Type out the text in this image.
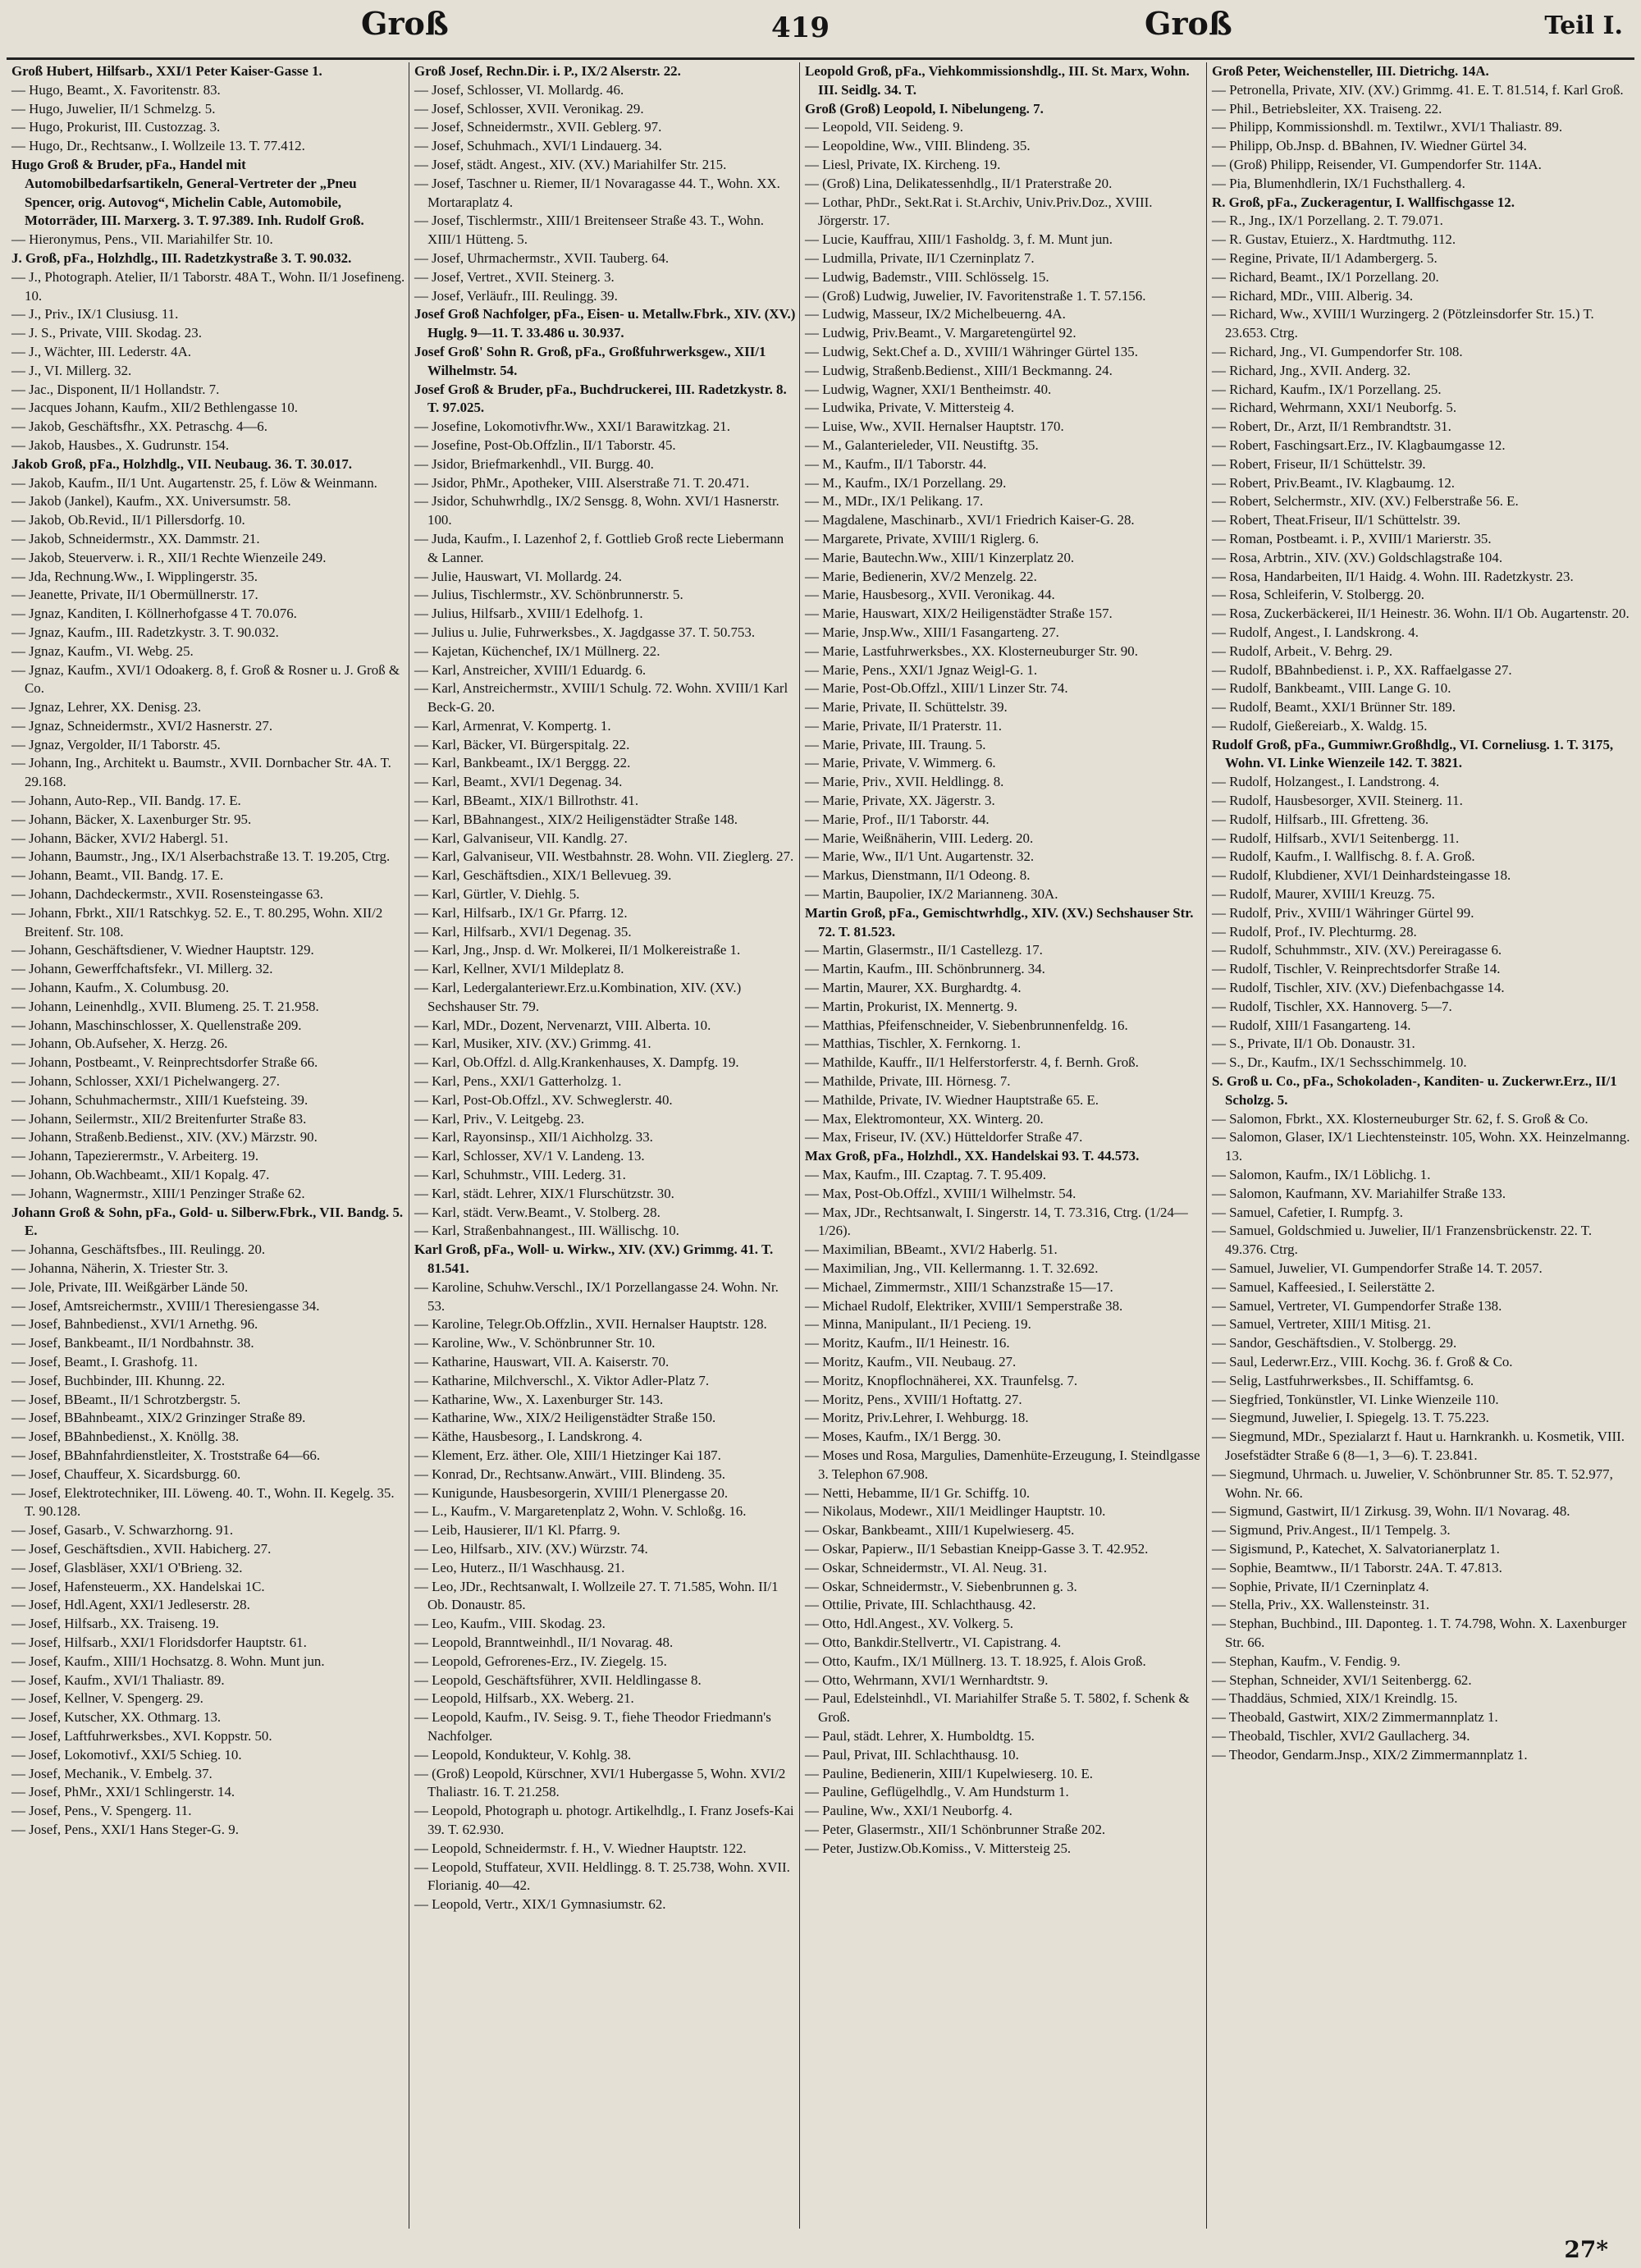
Groß	419	Groß	Teil I.
Groß Hubert, Hilfsarb., XXI/1 Peter Kaiser-Gasse 1.
— Hugo, Beamt., X. Favoritenstr. 83.
— Hugo, Juwelier, II/1 Schmelzg. 5.
— Hugo, Prokurist, III. Custozzag. 3.
— Hugo, Dr., Rechtsanw., I. Wollzeile 13. T. 77.412.
Hugo Groß & Bruder, pFa., Handel mit Automobilbedarfsartikeln, General-Vertreter der „Pneu Spencer, orig. Autovog“, Michelin Cable, Automobile, Motorräder, III. Marxerg. 3. T. 97.389. Inh. Rudolf Groß.
— Hieronymus, Pens., VII. Mariahilfer Str. 10.
J. Groß, pFa., Holzhdlg., III. Radetzkystraße 3. T. 90.032.
— J., Photograph. Atelier, II/1 Taborstr. 48A T., Wohn. II/1 Josefineng. 10.
— J., Priv., IX/1 Clusiusg. 11.
— J. S., Private, VIII. Skodag. 23.
— J., Wächter, III. Lederstr. 4A.
— J., VI. Millerg. 32.
— Jac., Disponent, II/1 Hollandstr. 7.
— Jacques Johann, Kaufm., XII/2 Bethlengasse 10.
— Jakob, Geschäftsfhr., XX. Petraschg. 4—6.
— Jakob, Hausbes., X. Gudrunstr. 154.
Jakob Groß, pFa., Holzhdlg., VII. Neubaug. 36. T. 30.017.
— Jakob, Kaufm., II/1 Unt. Augartenstr. 25, f. Löw & Weinmann.
— Jakob (Jankel), Kaufm., XX. Universumstr. 58.
— Jakob, Ob.Revid., II/1 Pillersdorfg. 10.
— Jakob, Schneidermstr., XX. Dammstr. 21.
— Jakob, Steuerverw. i. R., XII/1 Rechte Wienzeile 249.
— Jda, Rechnung.Ww., I. Wipplingerstr. 35.
— Jeanette, Private, II/1 Obermüllnerstr. 17.
— Jgnaz, Kanditen, I. Köllnerhofgasse 4 T. 70.076.
— Jgnaz, Kaufm., III. Radetzkystr. 3. T. 90.032.
— Jgnaz, Kaufm., VI. Webg. 25.
— Jgnaz, Kaufm., XVI/1 Odoakerg. 8, f. Groß & Rosner u. J. Groß & Co.
— Jgnaz, Lehrer, XX. Denisg. 23.
— Jgnaz, Schneidermstr., XVI/2 Hasnerstr. 27.
— Jgnaz, Vergolder, II/1 Taborstr. 45.
— Johann, Ing., Architekt u. Baumstr., XVII. Dornbacher Str. 4A. T. 29.168.
— Johann, Auto-Rep., VII. Bandg. 17. E.
— Johann, Bäcker, X. Laxenburger Str. 95.
— Johann, Bäcker, XVI/2 Habergl. 51.
— Johann, Baumstr., Jng., IX/1 Alserbachstraße 13. T. 19.205, Ctrg.
— Johann, Beamt., VII. Bandg. 17. E.
— Johann, Dachdeckermstr., XVII. Rosensteingasse 63.
— Johann, Fbrkt., XII/1 Ratschkyg. 52. E., T. 80.295, Wohn. XII/2 Breitenf. Str. 108.
— Johann, Geschäftsdiener, V. Wiedner Hauptstr. 129.
— Johann, Gewerffchaftsfekr., VI. Millerg. 32.
— Johann, Kaufm., X. Columbusg. 20.
— Johann, Leinenhdlg., XVII. Blumeng. 25. T. 21.958.
— Johann, Maschinschlosser, X. Quellenstraße 209.
— Johann, Ob.Aufseher, X. Herzg. 26.
— Johann, Postbeamt., V. Reinprechtsdorfer Straße 66.
— Johann, Schlosser, XXI/1 Pichelwangerg. 27.
— Johann, Schuhmachermstr., XIII/1 Kuefsteing. 39.
— Johann, Seilermstr., XII/2 Breitenfurter Straße 83.
— Johann, Straßenb.Bedienst., XIV. (XV.) Märzstr. 90.
— Johann, Tapezierermstr., V. Arbeiterg. 19.
— Johann, Ob.Wachbeamt., XII/1 Kopalg. 47.
— Johann, Wagnermstr., XIII/1 Penzinger Straße 62.
Johann Groß & Sohn, pFa., Gold- u. Silberw.Fbrk., VII. Bandg. 5. E.
— Johanna, Geschäftsfbes., III. Reulingg. 20.
— Johanna, Näherin, X. Triester Str. 3.
— Jole, Private, III. Weißgärber Lände 50.
— Josef, Amtsreichermstr., XVIII/1 Theresiengasse 34.
— Josef, Bahnbedienst., XVI/1 Arnethg. 96.
— Josef, Bankbeamt., II/1 Nordbahnstr. 38.
— Josef, Beamt., I. Grashofg. 11.
— Josef, Buchbinder, III. Khunng. 22.
— Josef, BBeamt., II/1 Schrotzbergstr. 5.
— Josef, BBahnbeamt., XIX/2 Grinzinger Straße 89.
— Josef, BBahnbedienst., X. Knöllg. 38.
— Josef, BBahnfahrdienstleiter, X. Troststraße 64—66.
— Josef, Chauffeur, X. Sicardsburgg. 60.
— Josef, Elektrotechniker, III. Löweng. 40. T., Wohn. II. Kegelg. 35. T. 90.128.
— Josef, Gasarb., V. Schwarzhorng. 91.
— Josef, Geschäftsdien., XVII. Habicherg. 27.
— Josef, Glasbläser, XXI/1 O'Brieng. 32.
— Josef, Hafensteuerm., XX. Handelskai 1C.
— Josef, Hdl.Agent, XXI/1 Jedleserstr. 28.
— Josef, Hilfsarb., XX. Traiseng. 19.
— Josef, Hilfsarb., XXI/1 Floridsdorfer Hauptstr. 61.
— Josef, Kaufm., XIII/1 Hochsatzg. 8. Wohn. Munt jun.
— Josef, Kaufm., XVI/1 Thaliastr. 89.
— Josef, Kellner, V. Spengerg. 29.
— Josef, Kutscher, XX. Othmarg. 13.
— Josef, Laftfuhrwerksbes., XVI. Koppstr. 50.
— Josef, Lokomotivf., XXI/5 Schieg. 10.
— Josef, Mechanik., V. Embelg. 37.
— Josef, PhMr., XXI/1 Schlingerstr. 14.
— Josef, Pens., V. Spengerg. 11.
— Josef, Pens., XXI/1 Hans Steger-G. 9.
Groß Josef, Rechn.Dir. i. P., IX/2 Alserstr. 22.
— Josef, Schlosser, VI. Mollardg. 46.
— Josef, Schlosser, XVII. Veronikag. 29.
— Josef, Schneidermstr., XVII. Geblerg. 97.
— Josef, Schuhmach., XVI/1 Lindauerg. 34.
— Josef, städt. Angest., XIV. (XV.) Mariahilfer Str. 215.
— Josef, Taschner u. Riemer, II/1 Novaragasse 44. T., Wohn. XX. Mortaraplatz 4.
— Josef, Tischlermstr., XIII/1 Breitenseer Straße 43. T., Wohn. XIII/1 Hütteng. 5.
— Josef, Uhrmachermstr., XVII. Tauberg. 64.
— Josef, Vertret., XVII. Steinerg. 3.
— Josef, Verläufr., III. Reulingg. 39.
Josef Groß Nachfolger, pFa., Eisen- u. Metallw.Fbrk., XIV. (XV.) Huglg. 9—11. T. 33.486 u. 30.937.
Josef Groß' Sohn R. Groß, pFa., Großfuhrwerksgew., XII/1 Wilhelmstr. 54.
Josef Groß & Bruder, pFa., Buchdruckerei, III. Radetzkystr. 8. T. 97.025.
— Josefine, Lokomotivfhr.Ww., XXI/1 Barawitzkag. 21.
— Josefine, Post-Ob.Offzlin., II/1 Taborstr. 45.
— Jsidor, Briefmarkenhdl., VII. Burgg. 40.
— Jsidor, PhMr., Apotheker, VIII. Alserstraße 71. T. 20.471.
— Jsidor, Schuhwrhdlg., IX/2 Sensgg. 8, Wohn. XVI/1 Hasnerstr. 100.
— Juda, Kaufm., I. Lazenhof 2, f. Gottlieb Groß recte Liebermann & Lanner.
— Julie, Hauswart, VI. Mollardg. 24.
— Julius, Tischlermstr., XV. Schönbrunnerstr. 5.
— Julius, Hilfsarb., XVIII/1 Edelhofg. 1.
— Julius u. Julie, Fuhrwerksbes., X. Jagdgasse 37. T. 50.753.
— Kajetan, Küchenchef, IX/1 Müllnerg. 22.
— Karl, Anstreicher, XVIII/1 Eduardg. 6.
— Karl, Anstreichermstr., XVIII/1 Schulg. 72. Wohn. XVIII/1 Karl Beck-G. 20.
— Karl, Armenrat, V. Kompertg. 1.
— Karl, Bäcker, VI. Bürgerspitalg. 22.
— Karl, Bankbeamt., IX/1 Berggg. 22.
— Karl, Beamt., XVI/1 Degenag. 34.
— Karl, BBeamt., XIX/1 Billrothstr. 41.
— Karl, BBahnangest., XIX/2 Heiligenstädter Straße 148.
— Karl, Galvaniseur, VII. Kandlg. 27.
— Karl, Galvaniseur, VII. Westbahnstr. 28. Wohn. VII. Zieglerg. 27.
— Karl, Geschäftsdien., XIX/1 Bellevueg. 39.
— Karl, Gürtler, V. Diehlg. 5.
— Karl, Hilfsarb., IX/1 Gr. Pfarrg. 12.
— Karl, Hilfsarb., XVI/1 Degenag. 35.
— Karl, Jng., Jnsp. d. Wr. Molkerei, II/1 Molkereistraße 1.
— Karl, Kellner, XVI/1 Mildeplatz 8.
— Karl, Ledergalanteriewr.Erz.u.Kombination, XIV. (XV.) Sechshauser Str. 79.
— Karl, MDr., Dozent, Nervenarzt, VIII. Alberta. 10.
— Karl, Musiker, XIV. (XV.) Grimmg. 41.
— Karl, Ob.Offzl. d. Allg.Krankenhauses, X. Dampfg. 19.
— Karl, Pens., XXI/1 Gatterholzg. 1.
— Karl, Post-Ob.Offzl., XV. Schweglerstr. 40.
— Karl, Priv., V. Leitgebg. 23.
— Karl, Rayonsinsp., XII/1 Aichholzg. 33.
— Karl, Schlosser, XV/1 V. Landeng. 13.
— Karl, Schuhmstr., VIII. Lederg. 31.
— Karl, städt. Lehrer, XIX/1 Flurschützstr. 30.
— Karl, städt. Verw.Beamt., V. Stolberg. 28.
— Karl, Straßenbahnangest., III. Wällischg. 10.
Karl Groß, pFa., Woll- u. Wirkw., XIV. (XV.) Grimmg. 41. T. 81.541.
— Karoline, Schuhw.Verschl., IX/1 Porzellangasse 24. Wohn. Nr. 53.
— Karoline, Telegr.Ob.Offzlin., XVII. Hernalser Hauptstr. 128.
— Karoline, Ww., V. Schönbrunner Str. 10.
— Katharine, Hauswart, VII. A. Kaiserstr. 70.
— Katharine, Milchverschl., X. Viktor Adler-Platz 7.
— Katharine, Ww., X. Laxenburger Str. 143.
— Katharine, Ww., XIX/2 Heiligenstädter Straße 150.
— Käthe, Hausbesorg., I. Landskrong. 4.
— Klement, Erz. äther. Ole, XIII/1 Hietzinger Kai 187.
— Konrad, Dr., Rechtsanw.Anwärt., VIII. Blindeng. 35.
— Kunigunde, Hausbesorgerin, XVIII/1 Plenergasse 20.
— L., Kaufm., V. Margaretenplatz 2, Wohn. V. Schloßg. 16.
— Leib, Hausierer, II/1 Kl. Pfarrg. 9.
— Leo, Hilfsarb., XIV. (XV.) Würzstr. 74.
— Leo, Huterz., II/1 Waschhausg. 21.
— Leo, JDr., Rechtsanwalt, I. Wollzeile 27. T. 71.585, Wohn. II/1 Ob. Donaustr. 85.
— Leo, Kaufm., VIII. Skodag. 23.
— Leopold, Branntweinhdl., II/1 Novarag. 48.
— Leopold, Gefrorenes-Erz., IV. Ziegelg. 15.
— Leopold, Geschäftsführer, XVII. Heldlingasse 8.
— Leopold, Hilfsarb., XX. Weberg. 21.
— Leopold, Kaufm., IV. Seisg. 9. T., fiehe Theodor Friedmann's Nachfolger.
— Leopold, Kondukteur, V. Kohlg. 38.
— (Groß) Leopold, Kürschner, XVI/1 Hubergasse 5, Wohn. XVI/2 Thaliastr. 16. T. 21.258.
— Leopold, Photograph u. photogr. Artikelhdlg., I. Franz Josefs-Kai 39. T. 62.930.
— Leopold, Schneidermstr. f. H., V. Wiedner Hauptstr. 122.
— Leopold, Stuffateur, XVII. Heldlingg. 8. T. 25.738, Wohn. XVII. Florianig. 40—42.
— Leopold, Vertr., XIX/1 Gymnasiumstr. 62.
Leopold Groß, pFa., Viehkommissionshdlg., III. St. Marx, Wohn. III. Seidlg. 34. T.
Groß (Groß) Leopold, I. Nibelungeng. 7.
— Leopold, VII. Seideng. 9.
— Leopoldine, Ww., VIII. Blindeng. 35.
— Liesl, Private, IX. Kircheng. 19.
— (Groß) Lina, Delikatessenhdlg., II/1 Praterstraße 20.
— Lothar, PhDr., Sekt.Rat i. St.Archiv, Univ.Priv.Doz., XVIII. Jörgerstr. 17.
— Lucie, Kauffrau, XIII/1 Fasholdg. 3, f. M. Munt jun.
— Ludmilla, Private, II/1 Czerninplatz 7.
— Ludwig, Bademstr., VIII. Schlösselg. 15.
— (Groß) Ludwig, Juwelier, IV. Favoritenstraße 1. T. 57.156.
— Ludwig, Masseur, IX/2 Michelbeuerng. 4A.
— Ludwig, Priv.Beamt., V. Margaretengürtel 92.
— Ludwig, Sekt.Chef a. D., XVIII/1 Währinger Gürtel 135.
— Ludwig, Straßenb.Bedienst., XIII/1 Beckmanng. 24.
— Ludwig, Wagner, XXI/1 Bentheimstr. 40.
— Ludwika, Private, V. Mittersteig 4.
— Luise, Ww., XVII. Hernalser Hauptstr. 170.
— M., Galanterieleder, VII. Neustiftg. 35.
— M., Kaufm., II/1 Taborstr. 44.
— M., Kaufm., IX/1 Porzellang. 29.
— M., MDr., IX/1 Pelikang. 17.
— Magdalene, Maschinarb., XVI/1 Friedrich Kaiser-G. 28.
— Margarete, Private, XVIII/1 Riglerg. 6.
— Marie, Bautechn.Ww., XIII/1 Kinzerplatz 20.
— Marie, Bedienerin, XV/2 Menzelg. 22.
— Marie, Hausbesorg., XVII. Veronikag. 44.
— Marie, Hauswart, XIX/2 Heiligenstädter Straße 157.
— Marie, Jnsp.Ww., XIII/1 Fasangarteng. 27.
— Marie, Lastfuhrwerksbes., XX. Klosterneuburger Str. 90.
— Marie, Pens., XXI/1 Jgnaz Weigl-G. 1.
— Marie, Post-Ob.Offzl., XIII/1 Linzer Str. 74.
— Marie, Private, II. Schüttelstr. 39.
— Marie, Private, II/1 Praterstr. 11.
— Marie, Private, III. Traung. 5.
— Marie, Private, V. Wimmerg. 6.
— Marie, Priv., XVII. Heldlingg. 8.
— Marie, Private, XX. Jägerstr. 3.
— Marie, Prof., II/1 Taborstr. 44.
— Marie, Weißnäherin, VIII. Lederg. 20.
— Marie, Ww., II/1 Unt. Augartenstr. 32.
— Markus, Dienstmann, II/1 Odeong. 8.
— Martin, Baupolier, IX/2 Marianneng. 30A.
Martin Groß, pFa., Gemischtwrhdlg., XIV. (XV.) Sechshauser Str. 72. T. 81.523.
— Martin, Glasermstr., II/1 Castellezg. 17.
— Martin, Kaufm., III. Schönbrunnerg. 34.
— Martin, Maurer, XX. Burghardtg. 4.
— Martin, Prokurist, IX. Mennertg. 9.
— Matthias, Pfeifenschneider, V. Siebenbrunnenfeldg. 16.
— Matthias, Tischler, X. Fernkorng. 1.
— Mathilde, Kauffr., II/1 Helferstorferstr. 4, f. Bernh. Groß.
— Mathilde, Private, III. Hörnesg. 7.
— Mathilde, Private, IV. Wiedner Hauptstraße 65. E.
— Max, Elektromonteur, XX. Winterg. 20.
— Max, Friseur, IV. (XV.) Hütteldorfer Straße 47.
Max Groß, pFa., Holzhdl., XX. Handelskai 93. T. 44.573.
— Max, Kaufm., III. Czaptag. 7. T. 95.409.
— Max, Post-Ob.Offzl., XVIII/1 Wilhelmstr. 54.
— Max, JDr., Rechtsanwalt, I. Singerstr. 14, T. 73.316, Ctrg. (1/24—1/26).
— Maximilian, BBeamt., XVI/2 Haberlg. 51.
— Maximilian, Jng., VII. Kellermanng. 1. T. 32.692.
— Michael, Zimmermstr., XIII/1 Schanzstraße 15—17.
— Michael Rudolf, Elektriker, XVIII/1 Semperstraße 38.
— Minna, Manipulant., II/1 Pecieng. 19.
— Moritz, Kaufm., II/1 Heinestr. 16.
— Moritz, Kaufm., VII. Neubaug. 27.
— Moritz, Knopflochnäherei, XX. Traunfelsg. 7.
— Moritz, Pens., XVIII/1 Hoftattg. 27.
— Moritz, Priv.Lehrer, I. Wehburgg. 18.
— Moses, Kaufm., IX/1 Bergg. 30.
— Moses und Rosa, Margulies, Damenhüte-Erzeugung, I. Steindlgasse 3. Telephon 67.908.
— Netti, Hebamme, II/1 Gr. Schiffg. 10.
— Nikolaus, Modewr., XII/1 Meidlinger Hauptstr. 10.
— Oskar, Bankbeamt., XIII/1 Kupelwieserg. 45.
— Oskar, Papierw., II/1 Sebastian Kneipp-Gasse 3. T. 42.952.
— Oskar, Schneidermstr., VI. Al. Neug. 31.
— Oskar, Schneidermstr., V. Siebenbrunnen g. 3.
— Ottilie, Private, III. Schlachthausg. 42.
— Otto, Hdl.Angest., XV. Volkerg. 5.
— Otto, Bankdir.Stellvertr., VI. Capistrang. 4.
— Otto, Kaufm., IX/1 Müllnerg. 13. T. 18.925, f. Alois Groß.
— Otto, Wehrmann, XVI/1 Wernhardtstr. 9.
— Paul, Edelsteinhdl., VI. Mariahilfer Straße 5. T. 5802, f. Schenk & Groß.
— Paul, städt. Lehrer, X. Humboldtg. 15.
— Paul, Privat, III. Schlachthausg. 10.
— Pauline, Bedienerin, XIII/1 Kupelwieserg. 10. E.
— Pauline, Geflügelhdlg., V. Am Hundsturm 1.
— Pauline, Ww., XXI/1 Neuborfg. 4.
— Peter, Glasermstr., XII/1 Schönbrunner Straße 202.
— Peter, Justizw.Ob.Komiss., V. Mittersteig 25.
Groß Peter, Weichensteller, III. Dietrichg. 14A.
— Petronella, Private, XIV. (XV.) Grimmg. 41. E. T. 81.514, f. Karl Groß.
— Phil., Betriebsleiter, XX. Traiseng. 22.
— Philipp, Kommissionshdl. m. Textilwr., XVI/1 Thaliastr. 89.
— Philipp, Ob.Jnsp. d. BBahnen, IV. Wiedner Gürtel 34.
— (Groß) Philipp, Reisender, VI. Gumpendorfer Str. 114A.
— Pia, Blumenhdlerin, IX/1 Fuchsthallerg. 4.
R. Groß, pFa., Zuckeragentur, I. Wallfischgasse 12.
— R., Jng., IX/1 Porzellang. 2. T. 79.071.
— R. Gustav, Etuierz., X. Hardtmuthg. 112.
— Regine, Private, II/1 Adambergerg. 5.
— Richard, Beamt., IX/1 Porzellang. 20.
— Richard, MDr., VIII. Alberig. 34.
— Richard, Ww., XVIII/1 Wurzingerg. 2 (Pötzleinsdorfer Str. 15.) T. 23.653. Ctrg.
— Richard, Jng., VI. Gumpendorfer Str. 108.
— Richard, Jng., XVII. Anderg. 32.
— Richard, Kaufm., IX/1 Porzellang. 25.
— Richard, Wehrmann, XXI/1 Neuborfg. 5.
— Robert, Dr., Arzt, II/1 Rembrandtstr. 31.
— Robert, Faschingsart.Erz., IV. Klagbaumgasse 12.
— Robert, Friseur, II/1 Schüttelstr. 39.
— Robert, Priv.Beamt., IV. Klagbaumg. 12.
— Robert, Selchermstr., XIV. (XV.) Felberstraße 56. E.
— Robert, Theat.Friseur, II/1 Schüttelstr. 39.
— Roman, Postbeamt. i. P., XVIII/1 Marierstr. 35.
— Rosa, Arbtrin., XIV. (XV.) Goldschlagstraße 104.
— Rosa, Handarbeiten, II/1 Haidg. 4. Wohn. III. Radetzkystr. 23.
— Rosa, Schleiferin, V. Stolbergg. 20.
— Rosa, Zuckerbäckerei, II/1 Heinestr. 36. Wohn. II/1 Ob. Augartenstr. 20.
— Rudolf, Angest., I. Landskrong. 4.
— Rudolf, Arbeit., V. Behrg. 29.
— Rudolf, BBahnbedienst. i. P., XX. Raffaelgasse 27.
— Rudolf, Bankbeamt., VIII. Lange G. 10.
— Rudolf, Beamt., XXI/1 Brünner Str. 189.
— Rudolf, Gießereiarb., X. Waldg. 15.
Rudolf Groß, pFa., Gummiwr.Großhdlg., VI. Corneliusg. 1. T. 3175, Wohn. VI. Linke Wienzeile 142. T. 3821.
— Rudolf, Holzangest., I. Landstrong. 4.
— Rudolf, Hausbesorger, XVII. Steinerg. 11.
— Rudolf, Hilfsarb., III. Gfretteng. 36.
— Rudolf, Hilfsarb., XVI/1 Seitenbergg. 11.
— Rudolf, Kaufm., I. Wallfischg. 8. f. A. Groß.
— Rudolf, Klubdiener, XVI/1 Deinhardsteingasse 18.
— Rudolf, Maurer, XVIII/1 Kreuzg. 75.
— Rudolf, Priv., XVIII/1 Währinger Gürtel 99.
— Rudolf, Prof., IV. Plechturmg. 28.
— Rudolf, Schuhmmstr., XIV. (XV.) Pereiragasse 6.
— Rudolf, Tischler, V. Reinprechtsdorfer Straße 14.
— Rudolf, Tischler, XIV. (XV.) Diefenbachgasse 14.
— Rudolf, Tischler, XX. Hannoverg. 5—7.
— Rudolf, XIII/1 Fasangarteng. 14.
— S., Private, II/1 Ob. Donaustr. 31.
— S., Dr., Kaufm., IX/1 Sechsschimmelg. 10.
S. Groß u. Co., pFa., Schokoladen-, Kanditen- u. Zuckerwr.Erz., II/1 Scholzg. 5.
— Salomon, Fbrkt., XX. Klosterneuburger Str. 62, f. S. Groß & Co.
— Salomon, Glaser, IX/1 Liechtensteinstr. 105, Wohn. XX. Heinzelmanng. 13.
— Salomon, Kaufm., IX/1 Löblichg. 1.
— Salomon, Kaufmann, XV. Mariahilfer Straße 133.
— Samuel, Cafetier, I. Rumpfg. 3.
— Samuel, Goldschmied u. Juwelier, II/1 Franzensbrückenstr. 22. T. 49.376. Ctrg.
— Samuel, Juwelier, VI. Gumpendorfer Straße 14. T. 2057.
— Samuel, Kaffeesied., I. Seilerstätte 2.
— Samuel, Vertreter, VI. Gumpendorfer Straße 138.
— Samuel, Vertreter, XIII/1 Mitisg. 21.
— Sandor, Geschäftsdien., V. Stolbergg. 29.
— Saul, Lederwr.Erz., VIII. Kochg. 36. f. Groß & Co.
— Selig, Lastfuhrwerksbes., II. Schiffamtsg. 6.
— Siegfried, Tonkünstler, VI. Linke Wienzeile 110.
— Siegmund, Juwelier, I. Spiegelg. 13. T. 75.223.
— Siegmund, MDr., Spezialarzt f. Haut u. Harnkrankh. u. Kosmetik, VIII. Josefstädter Straße 6 (8—1, 3—6). T. 23.841.
— Siegmund, Uhrmach. u. Juwelier, V. Schönbrunner Str. 85. T. 52.977, Wohn. Nr. 66.
— Sigmund, Gastwirt, II/1 Zirkusg. 39, Wohn. II/1 Novarag. 48.
— Sigmund, Priv.Angest., II/1 Tempelg. 3.
— Sigismund, P., Katechet, X. Salvatorianerplatz 1.
— Sophie, Beamtww., II/1 Taborstr. 24A. T. 47.813.
— Sophie, Private, II/1 Czerninplatz 4.
— Stella, Priv., XX. Wallensteinstr. 31.
— Stephan, Buchbind., III. Daponteg. 1. T. 74.798, Wohn. X. Laxenburger Str. 66.
— Stephan, Kaufm., V. Fendig. 9.
— Stephan, Schneider, XVI/1 Seitenbergg. 62.
— Thaddäus, Schmied, XIX/1 Kreindlg. 15.
— Theobald, Gastwirt, XIX/2 Zimmermannplatz 1.
— Theobald, Tischler, XVI/2 Gaullacherg. 34.
— Theodor, Gendarm.Jnsp., XIX/2 Zimmermannplatz 1.
27*
